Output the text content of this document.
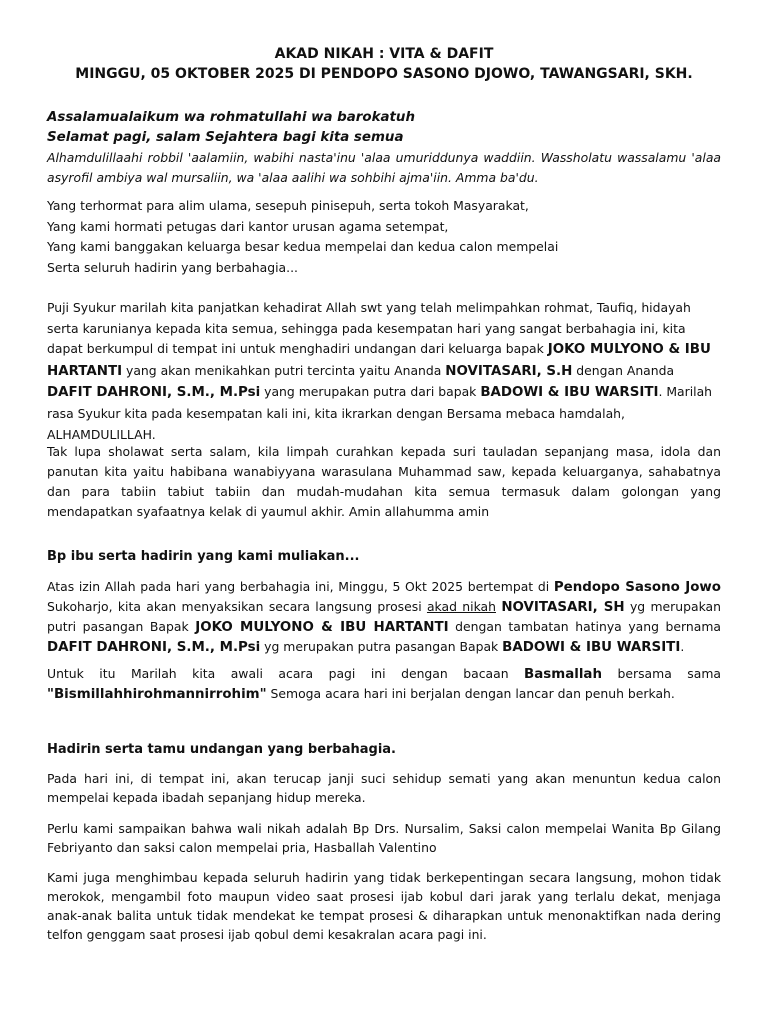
AKAD NIKAH : VITA & DAFIT

MINGGU, 05 OKTOBER 2025 DI PENDOPO SASONO DJOWO, TAWANGSARI, SKH.

Assalamualaikum wa rohmatullahi wa barokatuh
Selamat pagi, salam Sejahtera bagi kita semua

Alhamdulillaahi robbil 'aalamiin, wabihi nasta'inu 'alaa umuriddunya waddiin. Wassholatu wassalamu 'alaa asyrofil ambiya wal mursaliin, wa 'alaa aalihi wa sohbihi ajma'iin. Amma ba'du.

Yang terhormat para alim ulama, sesepuh pinisepuh, serta tokoh Masyarakat,
Yang kami hormati petugas dari kantor urusan agama setempat,
Yang kami banggakan keluarga besar kedua mempelai dan kedua calon mempelai
Serta seluruh hadirin yang berbahagia...

Puji Syukur marilah kita panjatkan kehadirat Allah swt yang telah melimpahkan rohmat, Taufiq, hidayah serta karunianya kepada kita semua, sehingga pada kesempatan hari yang sangat berbahagia ini, kita dapat berkumpul di tempat ini untuk menghadiri undangan dari keluarga bapak JOKO MULYONO & IBU HARTANTI yang akan menikahkan putri tercinta yaitu Ananda NOVITASARI, S.H dengan Ananda DAFIT DAHRONI, S.M., M.Psi yang merupakan putra dari bapak BADOWI & IBU WARSITI. Marilah rasa Syukur kita pada kesempatan kali ini, kita ikrarkan dengan Bersama mebaca hamdalah, ALHAMDULILLAH.

Tak lupa sholawat serta salam, kila limpah curahkan kepada suri tauladan sepanjang masa, idola dan panutan kita yaitu habibana wanabiyyana warasulana Muhammad saw, kepada keluarganya, sahabatnya dan para tabiin tabiut tabiin dan mudah-mudahan kita semua termasuk dalam golongan yang mendapatkan syafaatnya kelak di yaumul akhir. Amin allahumma amin

Bp ibu serta hadirin yang kami muliakan...

Atas izin Allah pada hari yang berbahagia ini, Minggu, 5 Okt 2025 bertempat di Pendopo Sasono Jowo Sukoharjo, kita akan menyaksikan secara langsung prosesi akad nikah NOVITASARI, SH yg merupakan putri pasangan Bapak JOKO MULYONO & IBU HARTANTI dengan tambatan hatinya yang bernama DAFIT DAHRONI, S.M., M.Psi yg merupakan putra pasangan Bapak BADOWI & IBU WARSITI.

Untuk itu Marilah kita awali acara pagi ini dengan bacaan Basmallah bersama sama "Bismillahhirohmannirrohim" Semoga acara hari ini berjalan dengan lancar dan penuh berkah.

Hadirin serta tamu undangan yang berbahagia.

Pada hari ini, di tempat ini, akan terucap janji suci sehidup semati yang akan menuntun kedua calon mempelai kepada ibadah sepanjang hidup mereka.

Perlu kami sampaikan bahwa wali nikah adalah Bp Drs. Nursalim, Saksi calon mempelai Wanita Bp Gilang Febriyanto dan saksi calon mempelai pria, Hasballah Valentino

Kami juga menghimbau kepada seluruh hadirin yang tidak berkepentingan secara langsung, mohon tidak merokok, mengambil foto maupun video saat prosesi ijab kobul dari jarak yang terlalu dekat, menjaga anak-anak balita untuk tidak mendekat ke tempat prosesi & diharapkan untuk menonaktifkan nada dering telfon genggam saat prosesi ijab qobul demi kesakralan acara pagi ini.
